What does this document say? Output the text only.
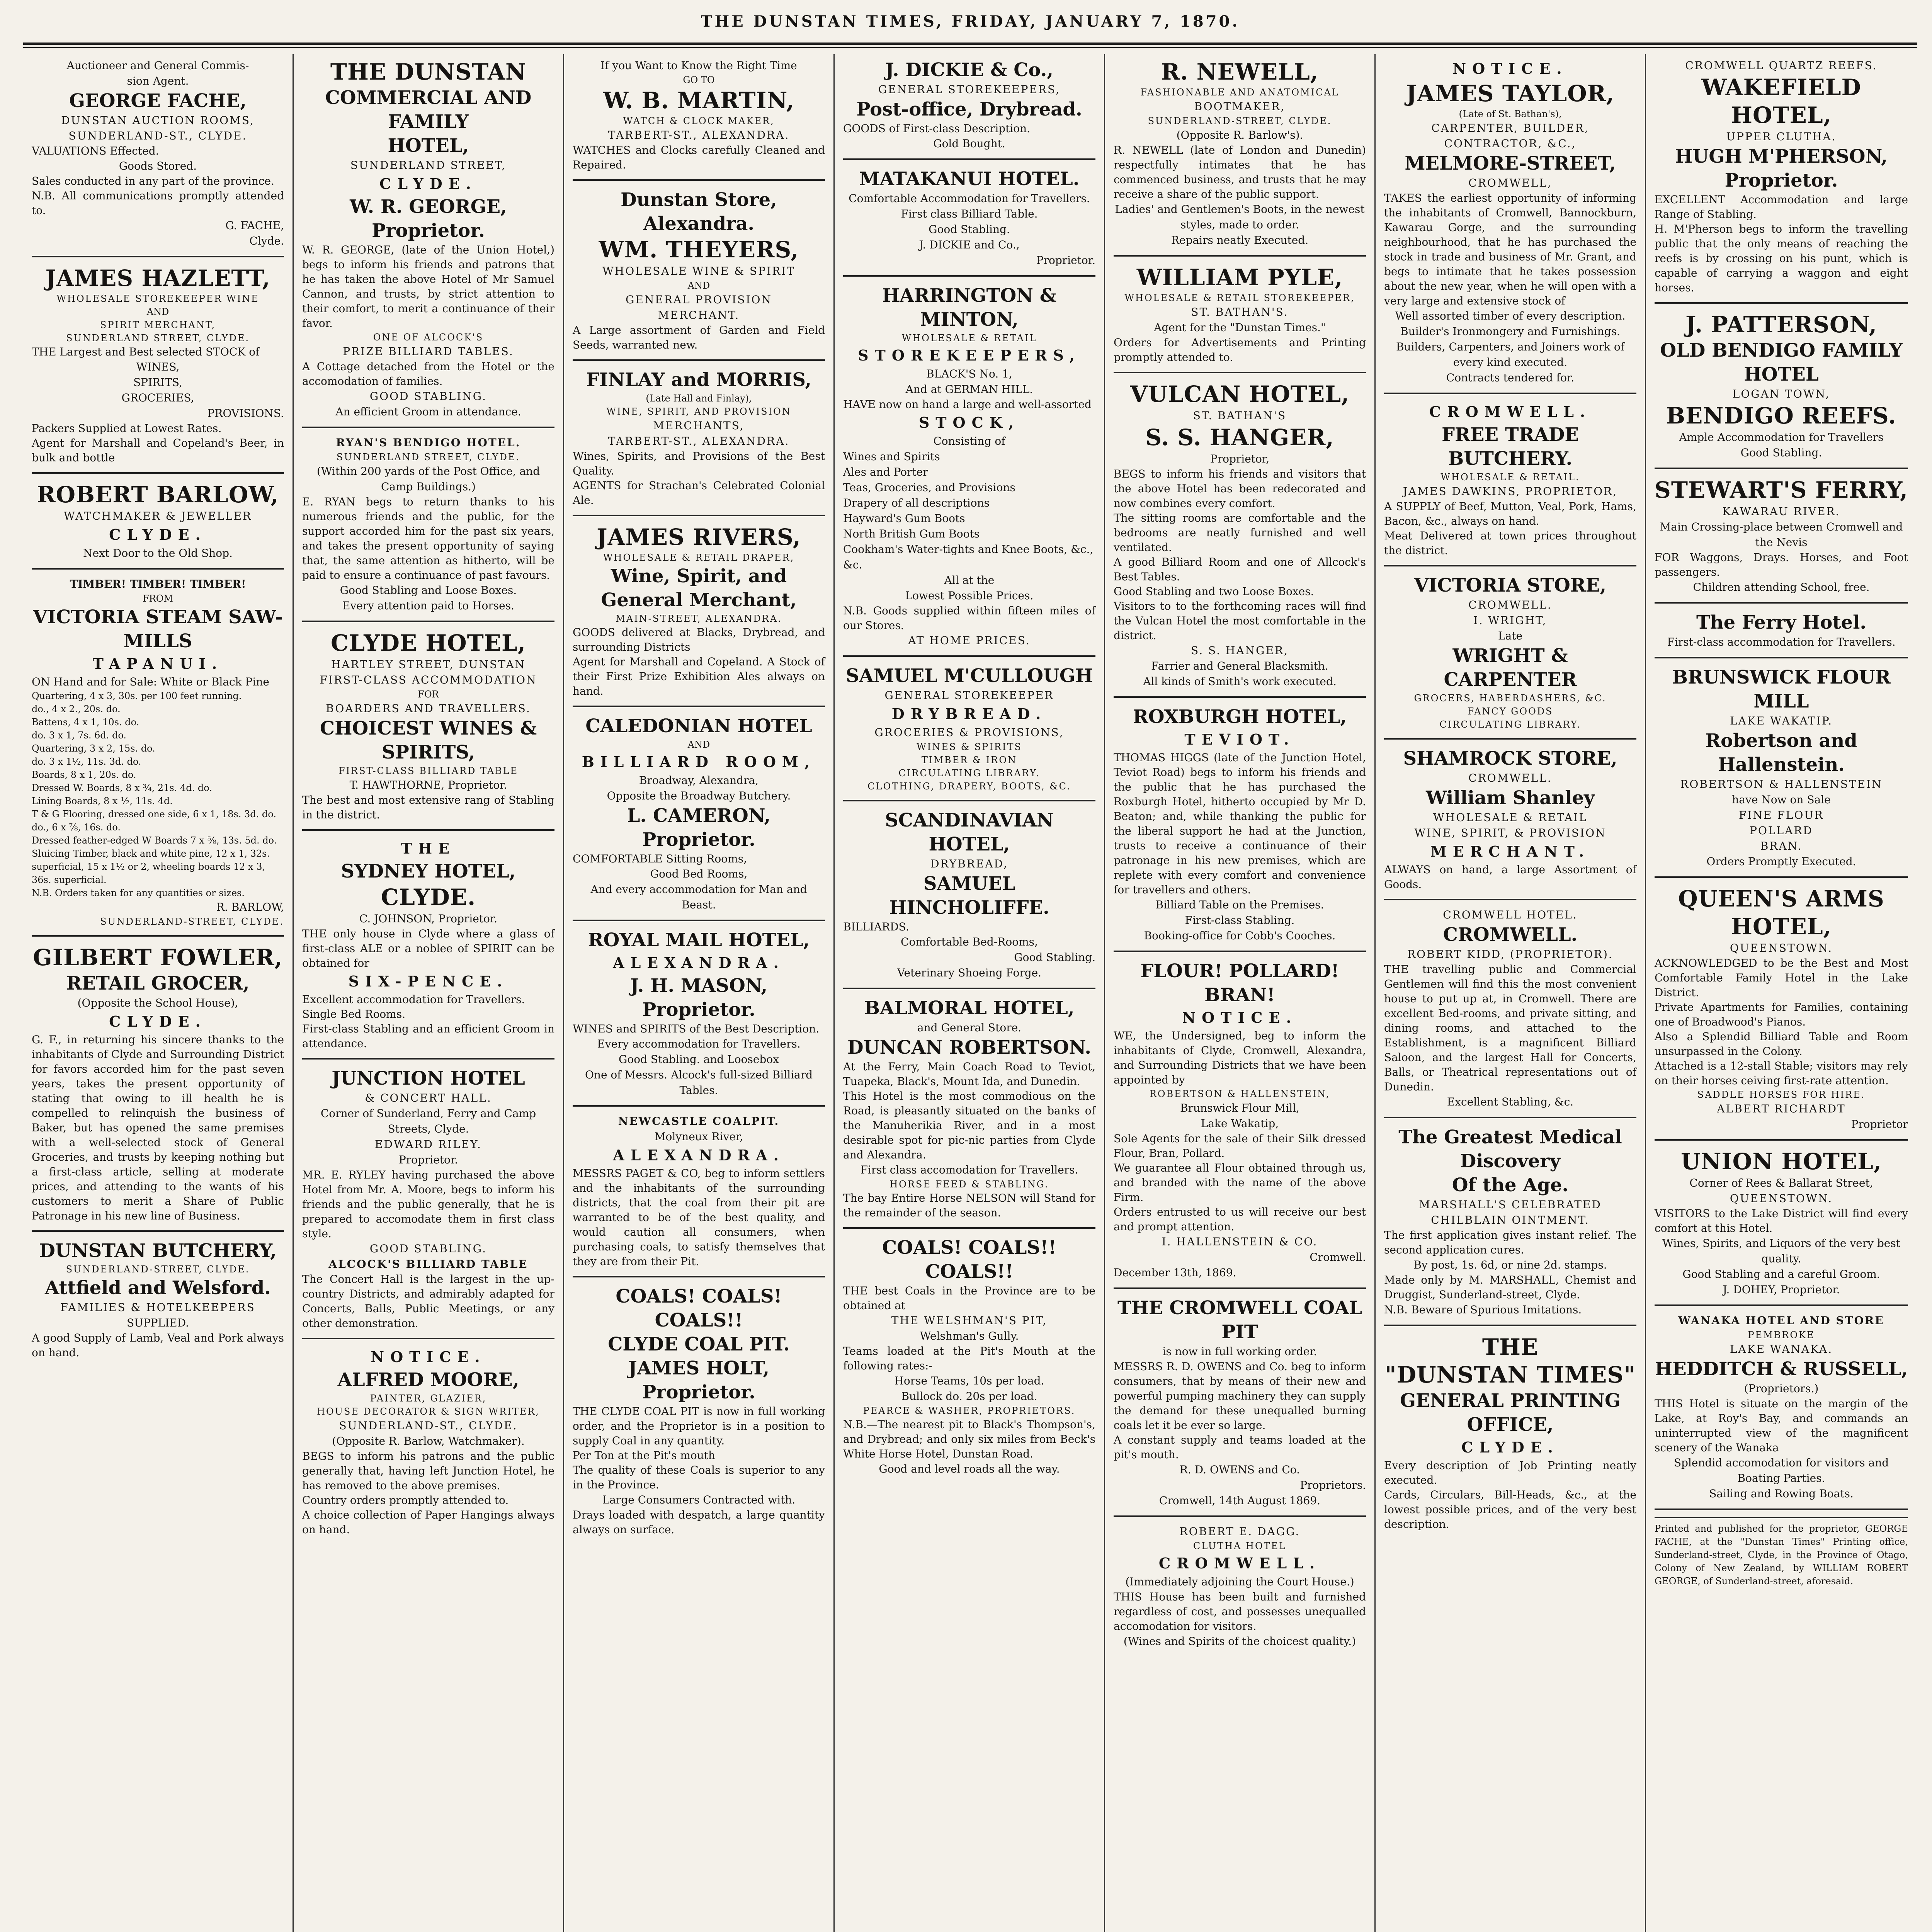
THE DUNSTAN TIMES, FRIDAY, JANUARY 7, 1870.
Auctioneer and General Commis-
sion Agent.
GEORGE FACHE,
DUNSTAN AUCTION ROOMS,
SUNDERLAND-ST., CLYDE.
VALUATIONS Effected.
Goods Stored.
Sales conducted in any part of the province.
N.B. All communications promptly attended to.
G. FACHE,
Clyde.
JAMES HAZLETT,
WHOLESALE STOREKEEPER WINE
AND
SPIRIT MERCHANT,
SUNDERLAND STREET, CLYDE.
THE Largest and Best selected STOCK of
WINES,
SPIRITS,
GROCERIES,
PROVISIONS.
Packers Supplied at Lowest Rates.
Agent for Marshall and Copeland's Beer, in bulk and bottle
ROBERT BARLOW,
WATCHMAKER & JEWELLER
CLYDE.
Next Door to the Old Shop.
TIMBER! TIMBER! TIMBER!
FROM
VICTORIA STEAM SAW-MILLS
TAPANUI.
ON Hand and for Sale: White or Black Pine
Quartering, 4 x 3, 30s. per 100 feet running.
do., 4 x 2., 20s. do.
Battens, 4 x 1, 10s. do.
do. 3 x 1, 7s. 6d. do.
Quartering, 3 x 2, 15s. do.
do. 3 x 1½, 11s. 3d. do.
Boards, 8 x 1, 20s. do.
Dressed W. Boards, 8 x ¾, 21s. 4d. do.
Lining Boards, 8 x ½, 11s. 4d.
T & G Flooring, dressed one side, 6 x 1, 18s. 3d. do.
do., 6 x ⅞, 16s. do.
Dressed feather-edged W Boards 7 x ⅝, 13s. 5d. do.
Sluicing Timber, black and white pine, 12 x 1, 32s. superficial, 15 x 1½ or 2, wheeling boards 12 x 3, 36s. superficial.
N.B. Orders taken for any quantities or sizes.
R. BARLOW,
SUNDERLAND-STREET, CLYDE.
GILBERT FOWLER,
RETAIL GROCER,
(Opposite the School House),
CLYDE.
G. F., in returning his sincere thanks to the inhabitants of Clyde and Surrounding District for favors accorded him for the past seven years, takes the present opportunity of stating that owing to ill health he is compelled to relinquish the business of Baker, but has opened the same premises with a well-selected stock of General Groceries, and trusts by keeping nothing but a first-class article, selling at moderate prices, and attending to the wants of his customers to merit a Share of Public Patronage in his new line of Business.
DUNSTAN BUTCHERY,
SUNDERLAND-STREET, CLYDE.
Attfield and Welsford.
FAMILIES & HOTELKEEPERS
SUPPLIED.
A good Supply of Lamb, Veal and Pork always on hand.
THE DUNSTAN
COMMERCIAL AND FAMILY
HOTEL,
SUNDERLAND STREET,
CLYDE.
W. R. GEORGE, Proprietor.
W. R. GEORGE, (late of the Union Hotel,) begs to inform his friends and patrons that he has taken the above Hotel of Mr Samuel Cannon, and trusts, by strict attention to their comfort, to merit a continuance of their favor.
ONE OF ALCOCK'S
PRIZE BILLIARD TABLES.
A Cottage detached from the Hotel or the accomodation of families.
GOOD STABLING.
An efficient Groom in attendance.
RYAN'S BENDIGO HOTEL.
SUNDERLAND STREET, CLYDE.
(Within 200 yards of the Post Office, and Camp Buildings.)
E. RYAN begs to return thanks to his numerous friends and the public, for the support accorded him for the past six years, and takes the present opportunity of saying that, the same attention as hitherto, will be paid to ensure a continuance of past favours.
Good Stabling and Loose Boxes.
Every attention paid to Horses.
CLYDE HOTEL,
HARTLEY STREET, DUNSTAN
FIRST-CLASS ACCOMMODATION
FOR
BOARDERS AND TRAVELLERS.
CHOICEST WINES & SPIRITS,
FIRST-CLASS BILLIARD TABLE
T. HAWTHORNE, Proprietor.
The best and most extensive rang of Stabling in the district.
THE
SYDNEY HOTEL,
CLYDE.
C. JOHNSON, Proprietor.
THE only house in Clyde where a glass of first-class ALE or a noblee of SPIRIT can be obtained for
SIX-PENCE.
Excellent accommodation for Travellers.
Single Bed Rooms.
First-class Stabling and an efficient Groom in attendance.
JUNCTION HOTEL
& CONCERT HALL.
Corner of Sunderland, Ferry and Camp Streets, Clyde.
EDWARD RILEY.
Proprietor.
MR. E. RYLEY having purchased the above Hotel from Mr. A. Moore, begs to inform his friends and the public generally, that he is prepared to accomodate them in first class style.
GOOD STABLING.
ALCOCK'S BILLIARD TABLE
The Concert Hall is the largest in the up-country Districts, and admirably adapted for Concerts, Balls, Public Meetings, or any other demonstration.
NOTICE.
ALFRED MOORE,
PAINTER, GLAZIER,
HOUSE DECORATOR & SIGN WRITER,
SUNDERLAND-ST., CLYDE.
(Opposite R. Barlow, Watchmaker).
BEGS to inform his patrons and the public generally that, having left Junction Hotel, he has removed to the above premises.
Country orders promptly attended to.
A choice collection of Paper Hangings always on hand.
If you Want to Know the Right Time
GO TO
W. B. MARTIN,
WATCH & CLOCK MAKER,
TARBERT-ST., ALEXANDRA.
WATCHES and Clocks carefully Cleaned and Repaired.
Dunstan Store, Alexandra.
WM. THEYERS,
WHOLESALE WINE & SPIRIT
AND
GENERAL PROVISION
MERCHANT.
A Large assortment of Garden and Field Seeds, warranted new.
FINLAY and MORRIS,
(Late Hall and Finlay),
WINE, SPIRIT, AND PROVISION
MERCHANTS,
TARBERT-ST., ALEXANDRA.
Wines, Spirits, and Provisions of the Best Quality.
AGENTS for Strachan's Celebrated Colonial Ale.
JAMES RIVERS,
WHOLESALE & RETAIL DRAPER,
Wine, Spirit, and General Merchant,
MAIN-STREET, ALEXANDRA.
GOODS delivered at Blacks, Drybread, and surrounding Districts
Agent for Marshall and Copeland. A Stock of their First Prize Exhibition Ales always on hand.
CALEDONIAN HOTEL
AND
BILLIARD ROOM,
Broadway, Alexandra,
Opposite the Broadway Butchery.
L. CAMERON, Proprietor.
COMFORTABLE Sitting Rooms,
Good Bed Rooms,
And every accommodation for Man and Beast.
ROYAL MAIL HOTEL,
ALEXANDRA.
J. H. MASON, Proprietor.
WINES and SPIRITS of the Best Description.
Every accommodation for Travellers.
Good Stabling. and Loosebox
One of Messrs. Alcock's full-sized Billiard Tables.
NEWCASTLE COALPIT.
Molyneux River,
ALEXANDRA.
MESSRS PAGET & CO, beg to inform settlers and the inhabitants of the surrounding districts, that the coal from their pit are warranted to be of the best quality, and would caution all consumers, when purchasing coals, to satisfy themselves that they are from their Pit.
COALS! COALS! COALS!!
CLYDE COAL PIT.
JAMES HOLT, Proprietor.
THE CLYDE COAL PIT is now in full working order, and the Proprietor is in a position to supply Coal in any quantity.
Per Ton at the Pit's mouth
The quality of these Coals is superior to any in the Province.
Large Consumers Contracted with.
Drays loaded with despatch, a large quantity always on surface.
J. DICKIE & Co.,
GENERAL STOREKEEPERS,
Post-office, Drybread.
GOODS of First-class Description.
Gold Bought.
MATAKANUI HOTEL.
Comfortable Accommodation for Travellers.
First class Billiard Table.
Good Stabling.
J. DICKIE and Co.,
Proprietor.
HARRINGTON & MINTON,
WHOLESALE & RETAIL
STOREKEEPERS,
BLACK'S No. 1,
And at GERMAN HILL.
HAVE now on hand a large and well-assorted
STOCK,
Consisting of
Wines and Spirits
Ales and Porter
Teas, Groceries, and Provisions
Drapery of all descriptions
Hayward's Gum Boots
North British Gum Boots
Cookham's Water-tights and Knee Boots, &c., &c.
All at the
Lowest Possible Prices.
N.B. Goods supplied within fifteen miles of our Stores.
AT HOME PRICES.
SAMUEL M'CULLOUGH
GENERAL STOREKEEPER
DRYBREAD.
GROCERIES & PROVISIONS,
WINES & SPIRITS
TIMBER & IRON
CIRCULATING LIBRARY.
CLOTHING, DRAPERY, BOOTS, &C.
SCANDINAVIAN HOTEL,
DRYBREAD,
SAMUEL HINCHOLIFFE.
BILLIARDS.
Comfortable Bed-Rooms,
Good Stabling.
Veterinary Shoeing Forge.
BALMORAL HOTEL,
and General Store.
DUNCAN ROBERTSON.
At the Ferry, Main Coach Road to Teviot, Tuapeka, Black's, Mount Ida, and Dunedin.
This Hotel is the most commodious on the Road, is pleasantly situated on the banks of the Manuherikia River, and in a most desirable spot for pic-nic parties from Clyde and Alexandra.
First class accomodation for Travellers.
HORSE FEED & STABLING.
The bay Entire Horse NELSON will Stand for the remainder of the season.
COALS! COALS!! COALS!!
THE best Coals in the Province are to be obtained at
THE WELSHMAN'S PIT,
Welshman's Gully.
Teams loaded at the Pit's Mouth at the following rates:-
Horse Teams, 10s per load.
Bullock do. 20s per load.
PEARCE & WASHER, PROPRIETORS.
N.B.—The nearest pit to Black's Thompson's, and Drybread; and only six miles from Beck's White Horse Hotel, Dunstan Road.
Good and level roads all the way.
R. NEWELL,
FASHIONABLE AND ANATOMICAL
BOOTMAKER,
SUNDERLAND-STREET, CLYDE.
(Opposite R. Barlow's).
R. NEWELL (late of London and Dunedin) respectfully intimates that he has commenced business, and trusts that he may receive a share of the public support.
Ladies' and Gentlemen's Boots, in the newest styles, made to order.
Repairs neatly Executed.
WILLIAM PYLE,
WHOLESALE & RETAIL STOREKEEPER,
ST. BATHAN'S.
Agent for the "Dunstan Times."
Orders for Advertisements and Printing promptly attended to.
VULCAN HOTEL,
ST. BATHAN'S
S. S. HANGER,
Proprietor,
BEGS to inform his friends and visitors that the above Hotel has been redecorated and now combines every comfort.
The sitting rooms are comfortable and the bedrooms are neatly furnished and well ventilated.
A good Billiard Room and one of Allcock's Best Tables.
Good Stabling and two Loose Boxes.
Visitors to to the forthcoming races will find the Vulcan Hotel the most comfortable in the district.
S. S. HANGER,
Farrier and General Blacksmith.
All kinds of Smith's work executed.
ROXBURGH HOTEL,
TEVIOT.
THOMAS HIGGS (late of the Junction Hotel, Teviot Road) begs to inform his friends and the public that he has purchased the Roxburgh Hotel, hitherto occupied by Mr D. Beaton; and, while thanking the public for the liberal support he had at the Junction, trusts to receive a continuance of their patronage in his new premises, which are replete with every comfort and convenience for travellers and others.
Billiard Table on the Premises.
First-class Stabling.
Booking-office for Cobb's Cooches.
FLOUR! POLLARD! BRAN!
NOTICE.
WE, the Undersigned, beg to inform the inhabitants of Clyde, Cromwell, Alexandra, and Surrounding Districts that we have been appointed by
ROBERTSON & HALLENSTEIN,
Brunswick Flour Mill,
Lake Wakatip,
Sole Agents for the sale of their Silk dressed Flour, Bran, Pollard.
We guarantee all Flour obtained through us, and branded with the name of the above Firm.
Orders entrusted to us will receive our best and prompt attention.
I. HALLENSTEIN & CO.
Cromwell.
December 13th, 1869.
THE CROMWELL COAL PIT
is now in full working order.
MESSRS R. D. OWENS and Co. beg to inform consumers, that by means of their new and powerful pumping machinery they can supply the demand for these unequalled burning coals let it be ever so large.
A constant supply and teams loaded at the pit's mouth.
R. D. OWENS and Co.
Proprietors.
Cromwell, 14th August 1869.
ROBERT E. DAGG.
CLUTHA HOTEL
CROMWELL.
(Immediately adjoining the Court House.)
THIS House has been built and furnished regardless of cost, and possesses unequalled accomodation for visitors.
(Wines and Spirits of the choicest quality.)
NOTICE.
JAMES TAYLOR,
(Late of St. Bathan's),
CARPENTER, BUILDER, CONTRACTOR, &C.,
MELMORE-STREET,
CROMWELL,
TAKES the earliest opportunity of informing the inhabitants of Cromwell, Bannockburn, Kawarau Gorge, and the surrounding neighbourhood, that he has purchased the stock in trade and business of Mr. Grant, and begs to intimate that he takes possession about the new year, when he will open with a very large and extensive stock of
Well assorted timber of every description.
Builder's Ironmongery and Furnishings.
Builders, Carpenters, and Joiners work of every kind executed.
Contracts tendered for.
CROMWELL.
FREE TRADE BUTCHERY.
WHOLESALE & RETAIL.
JAMES DAWKINS, PROPRIETOR,
A SUPPLY of Beef, Mutton, Veal, Pork, Hams, Bacon, &c., always on hand.
Meat Delivered at town prices throughout the district.
VICTORIA STORE,
CROMWELL.
I. WRIGHT,
Late
WRIGHT & CARPENTER
GROCERS, HABERDASHERS, &C.
FANCY GOODS
CIRCULATING LIBRARY.
SHAMROCK STORE,
CROMWELL.
William Shanley
WHOLESALE & RETAIL
WINE, SPIRIT, & PROVISION
MERCHANT.
ALWAYS on hand, a large Assortment of Goods.
CROMWELL HOTEL.
CROMWELL.
ROBERT KIDD, (PROPRIETOR).
THE travelling public and Commercial Gentlemen will find this the most convenient house to put up at, in Cromwell. There are excellent Bed-rooms, and private sitting, and dining rooms, and attached to the Establishment, is a magnificent Billiard Saloon, and the largest Hall for Concerts, Balls, or Theatrical representations out of Dunedin.
Excellent Stabling, &c.
The Greatest Medical Discovery
Of the Age.
MARSHALL'S CELEBRATED CHILBLAIN OINTMENT.
The first application gives instant relief. The second application cures.
By post, 1s. 6d, or nine 2d. stamps.
Made only by M. MARSHALL, Chemist and Druggist, Sunderland-street, Clyde.
N.B. Beware of Spurious Imitations.
THE
"DUNSTAN TIMES"
GENERAL PRINTING OFFICE,
CLYDE.
Every description of Job Printing neatly executed.
Cards, Circulars, Bill-Heads, &c., at the lowest possible prices, and of the very best description.
CROMWELL QUARTZ REEFS.
WAKEFIELD HOTEL,
UPPER CLUTHA.
HUGH M'PHERSON, Proprietor.
EXCELLENT Accommodation and large Range of Stabling.
H. M'Pherson begs to inform the travelling public that the only means of reaching the reefs is by crossing on his punt, which is capable of carrying a waggon and eight horses.
J. PATTERSON,
OLD BENDIGO FAMILY HOTEL
LOGAN TOWN,
BENDIGO REEFS.
Ample Accommodation for Travellers
Good Stabling.
STEWART'S FERRY,
KAWARAU RIVER.
Main Crossing-place between Cromwell and the Nevis
FOR Waggons, Drays. Horses, and Foot passengers.
Children attending School, free.
The Ferry Hotel.
First-class accommodation for Travellers.
BRUNSWICK FLOUR MILL
LAKE WAKATIP.
Robertson and Hallenstein.
ROBERTSON & HALLENSTEIN
have Now on Sale
FINE FLOUR
POLLARD
BRAN.
Orders Promptly Executed.
QUEEN'S ARMS HOTEL,
QUEENSTOWN.
ACKNOWLEDGED to be the Best and Most Comfortable Family Hotel in the Lake District.
Private Apartments for Families, containing one of Broadwood's Pianos.
Also a Splendid Billiard Table and Room unsurpassed in the Colony.
Attached is a 12-stall Stable; visitors may rely on their horses ceiving first-rate attention.
SADDLE HORSES FOR HIRE.
ALBERT RICHARDT
Proprietor
UNION HOTEL,
Corner of Rees & Ballarat Street,
QUEENSTOWN.
VISITORS to the Lake District will find every comfort at this Hotel.
Wines, Spirits, and Liquors of the very best quality.
Good Stabling and a careful Groom.
J. DOHEY, Proprietor.
WANAKA HOTEL AND STORE
PEMBROKE
LAKE WANAKA.
HEDDITCH & RUSSELL,
(Proprietors.)
THIS Hotel is situate on the margin of the Lake, at Roy's Bay, and commands an uninterrupted view of the magnificent scenery of the Wanaka
Splendid accomodation for visitors and Boating Parties.
Sailing and Rowing Boats.
Printed and published for the proprietor, GEORGE FACHE, at the "Dunstan Times" Printing office, Sunderland-street, Clyde, in the Province of Otago, Colony of New Zealand, by WILLIAM ROBERT GEORGE, of Sunderland-street, aforesaid.
